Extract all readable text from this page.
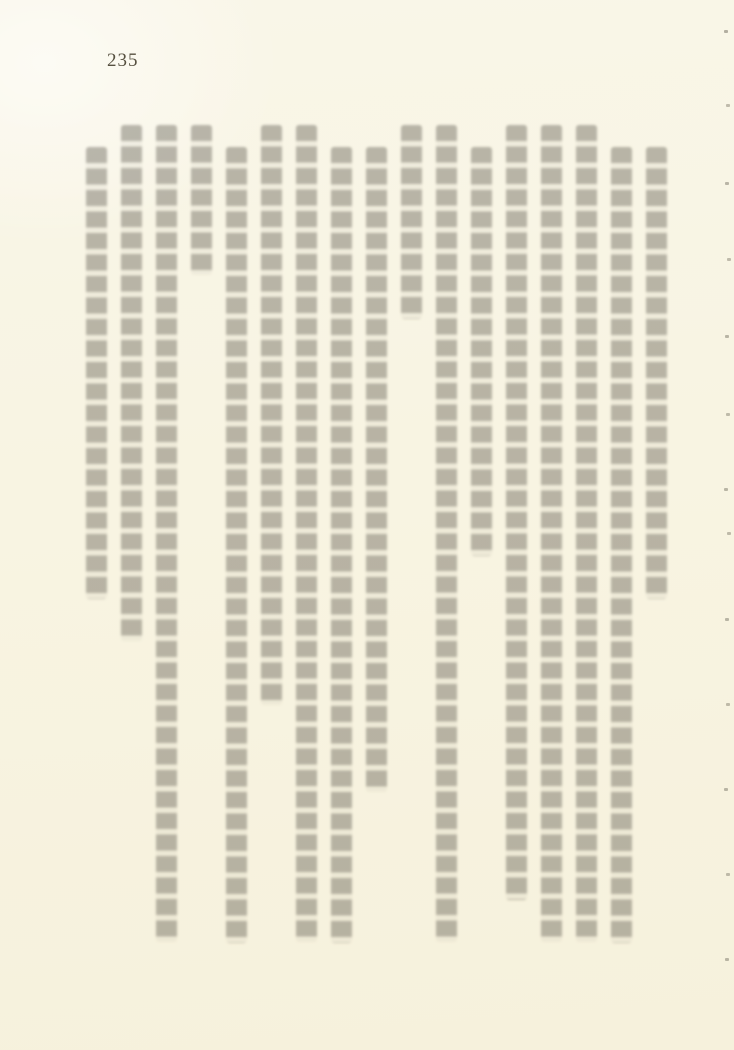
235
